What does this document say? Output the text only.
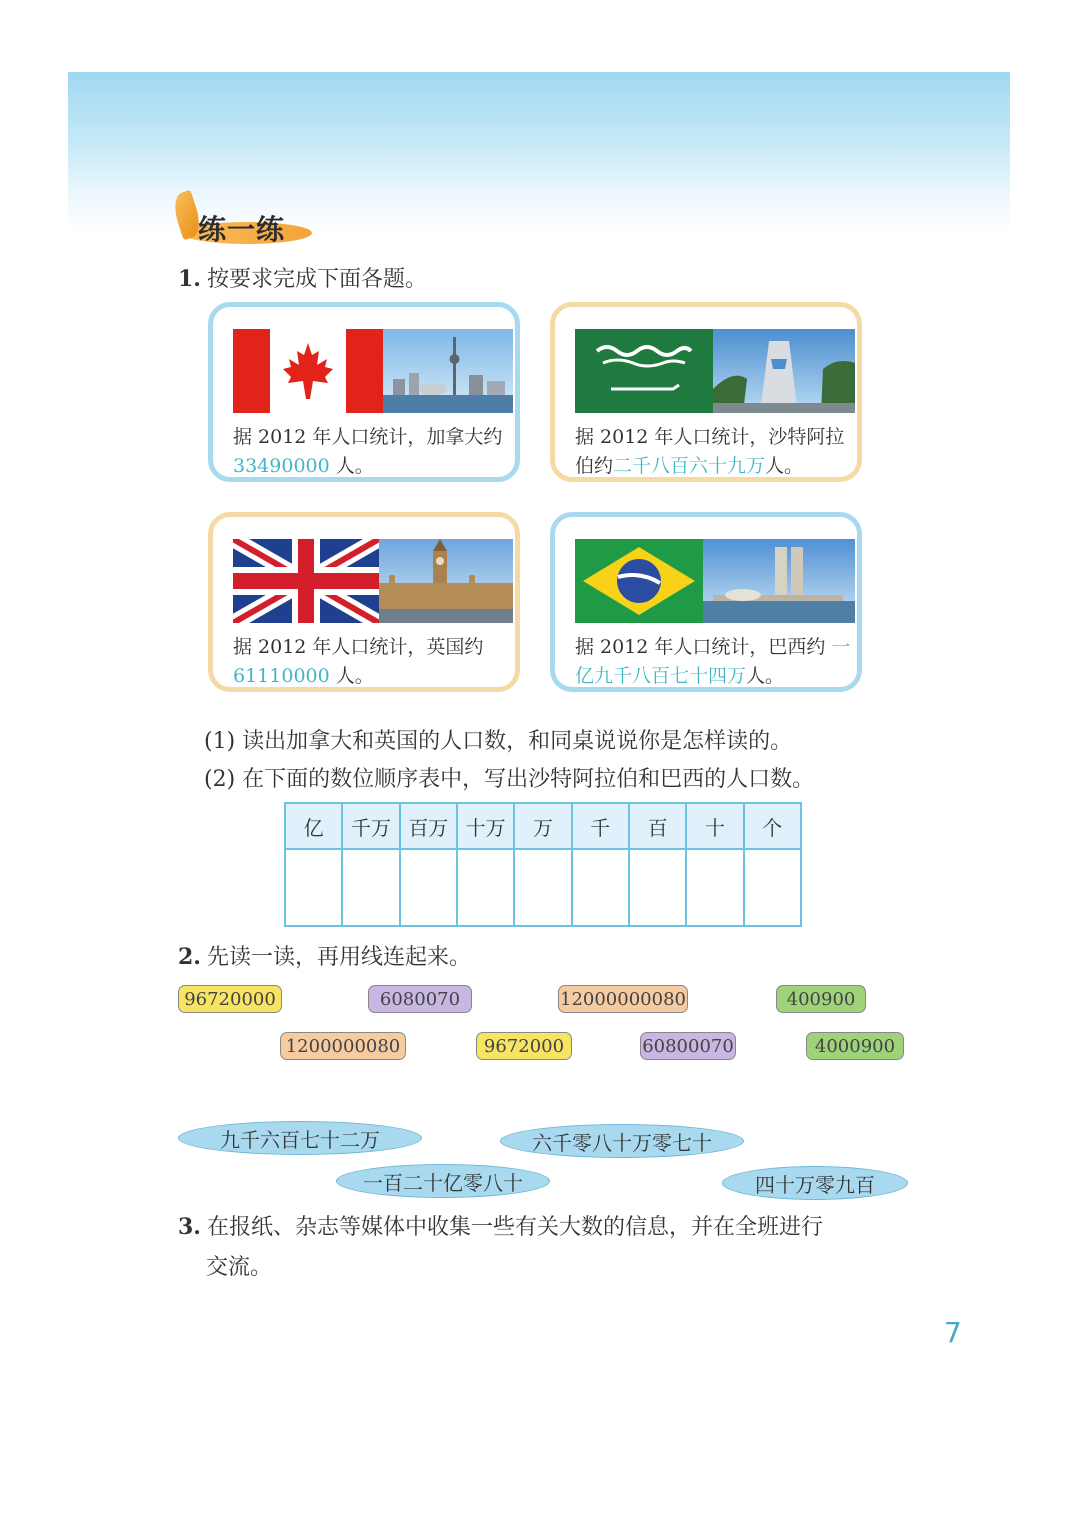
练一练
1. 按要求完成下面各题。
据 2012 年人口统计，加拿大约 33490000 人。
据 2012 年人口统计，沙特阿拉伯约二千八百六十九万人。
据 2012 年人口统计，英国约 61110000 人。
据 2012 年人口统计，巴西约 一亿九千八百七十四万人。
(1) 读出加拿大和英国的人口数，和同桌说说你是怎样读的。
(2) 在下面的数位顺序表中，写出沙特阿拉伯和巴西的人口数。
亿	千万 百万 十万	万	千	百	十	个
2. 先读一读，再用线连起来。
96720000	6080070	12000000080	400900
1200000080	9672000	60800070	4000900
九千六百七十二万	六千零八十万零七十
一百二十亿零八十	四十万零九百
3. 在报纸、杂志等媒体中收集一些有关大数的信息，并在全班进行
交流。
7
